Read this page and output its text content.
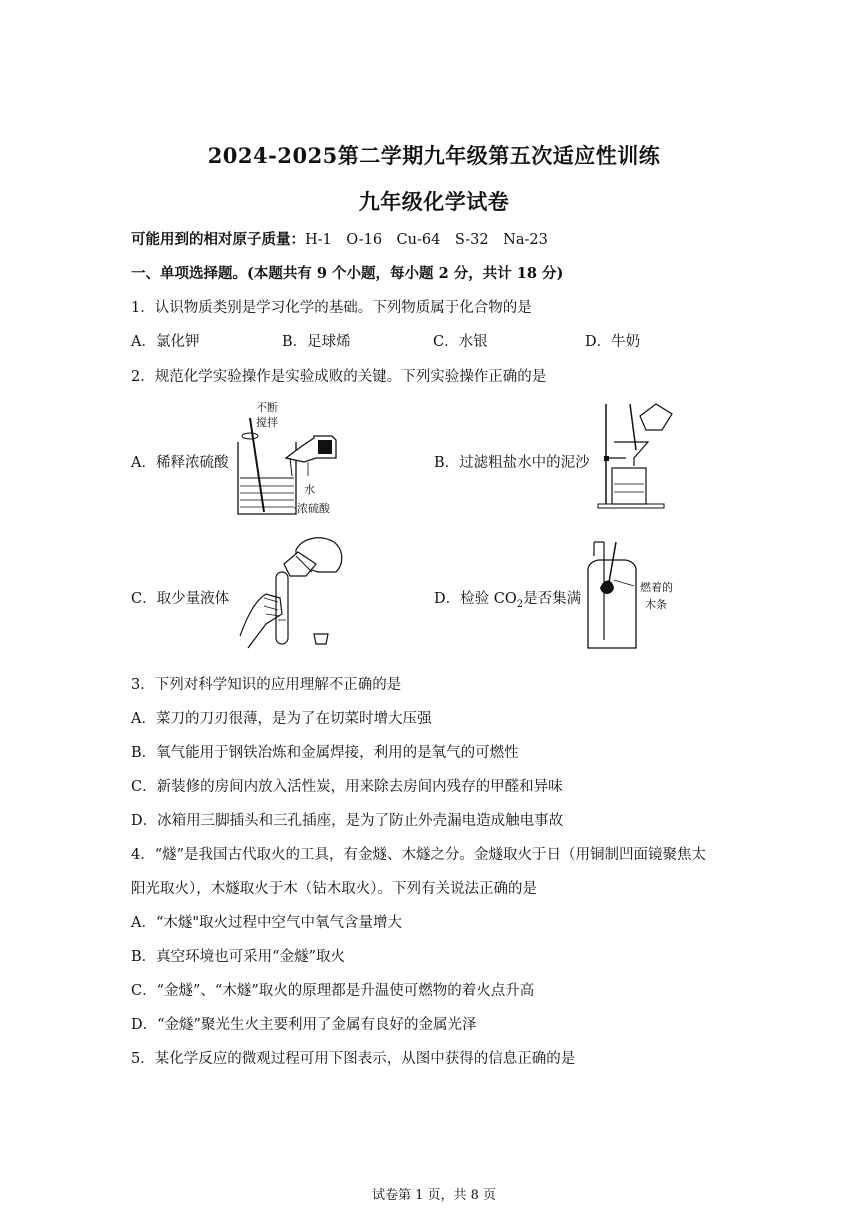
2024-2025第二学期九年级第五次适应性训练
九年级化学试卷
可能用到的相对原子质量：H-1　O-16　Cu-64　S-32　Na-23
一、单项选择题。(本题共有 9 个小题，每小题 2 分，共计 18 分)
1．认识物质类别是学习化学的基础。下列物质属于化合物的是
A．氯化钾	B．足球烯	C．水银	D．牛奶
2．规范化学实验操作是实验成败的关键。下列实验操作正确的是
A．稀释浓硫酸
不断
搅拌
水
浓硫酸
B．过滤粗盐水中的泥沙
C．取少量液体	D．检验 $CO_2$是否集满
燃着的
木条
3．下列对科学知识的应用理解不正确的是
A．菜刀的刀刃很薄，是为了在切菜时增大压强
B．氧气能用于钢铁冶炼和金属焊接，利用的是氧气的可燃性
C．新装修的房间内放入活性炭，用来除去房间内残存的甲醛和异味
D．冰箱用三脚插头和三孔插座，是为了防止外壳漏电造成触电事故
4．“燧”是我国古代取火的工具，有金燧、木燧之分。金燧取火于日（用铜制凹面镜聚焦太
阳光取火），木燧取火于木（钻木取火）。下列有关说法正确的是
A．“木燧"取火过程中空气中氧气含量增大
B．真空环境也可采用“金燧”取火
C．“金燧”、“木燧”取火的原理都是升温使可燃物的着火点升高
D．“金燧”聚光生火主要利用了金属有良好的金属光泽
5．某化学反应的微观过程可用下图表示，从图中获得的信息正确的是
试卷第 1 页，共 8 页
